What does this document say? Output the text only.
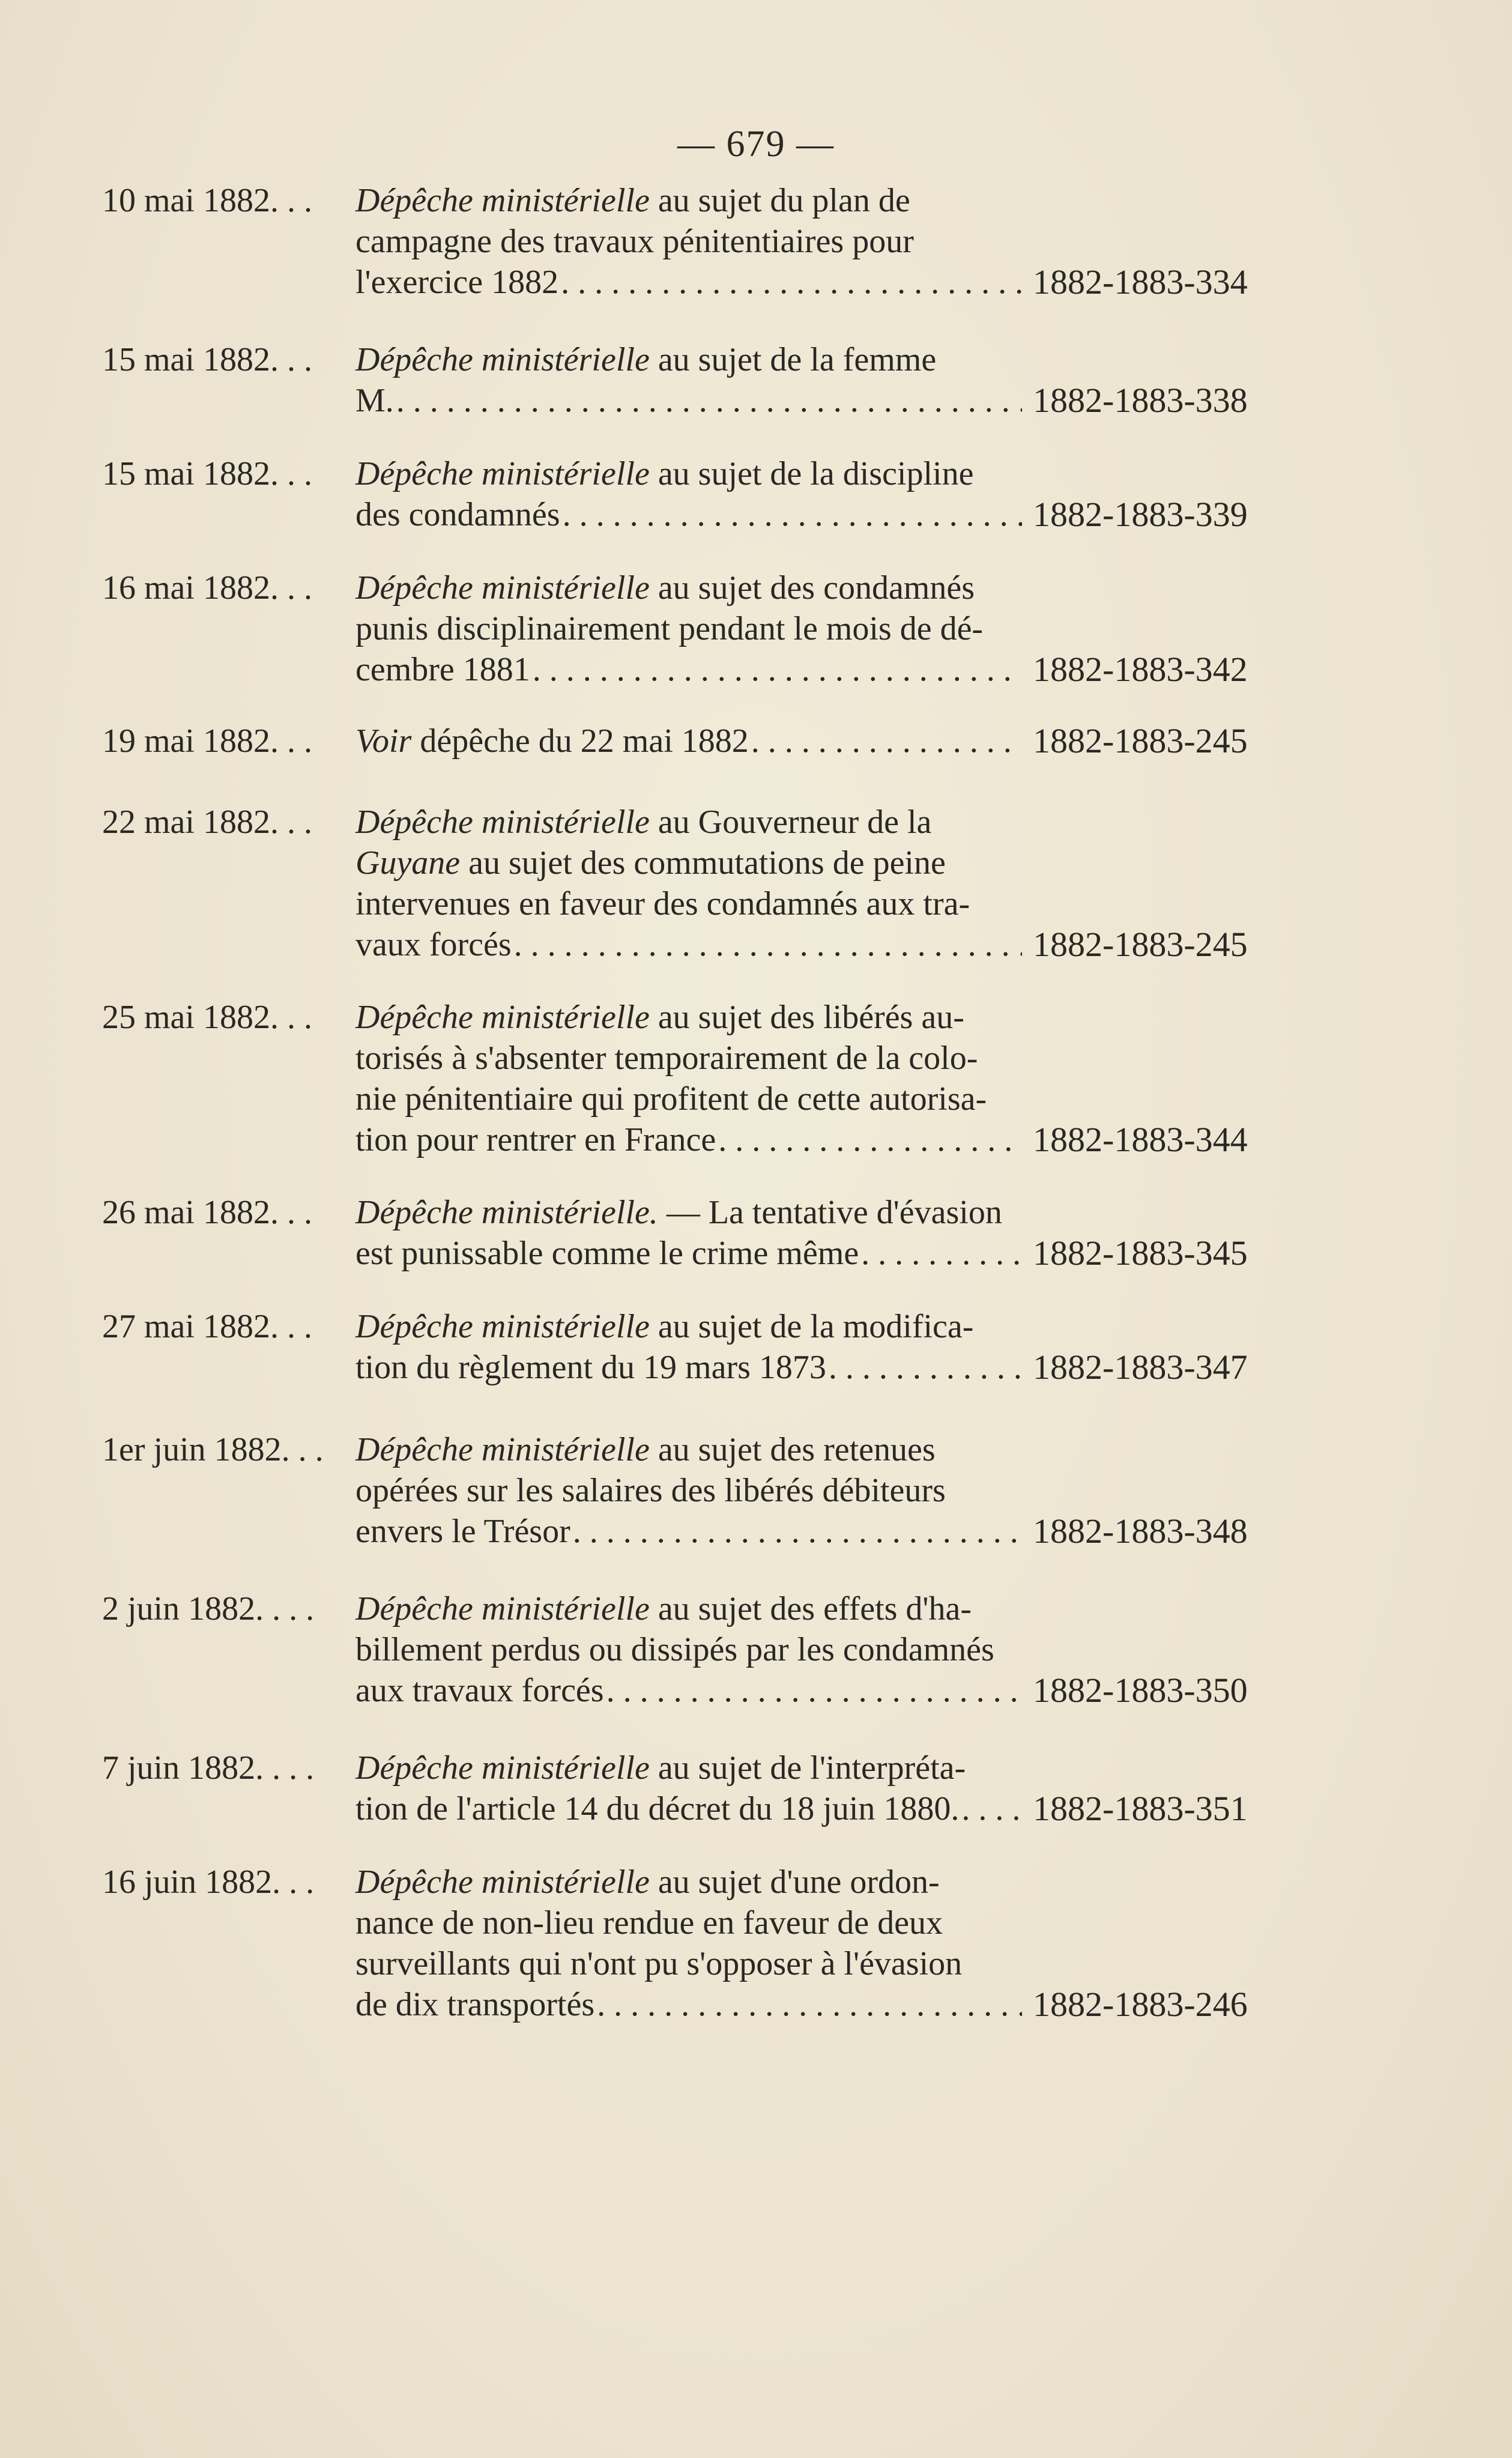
— 679 —
10 mai 1882. . .	Dépêche ministérielle au sujet du plan de
campagne des travaux pénitentiaires pour
l'exercice 1882 . . .	1882-1883-334
15 mai 1882. . .	Dépêche ministérielle au sujet de la femme
M. . . .	1882-1883-338
15 mai 1882. . .	Dépêche ministérielle au sujet de la discipline
des condamnés . . .	1882-1883-339
16 mai 1882. . .	Dépêche ministérielle au sujet des condamnés
punis disciplinairement pendant le mois de dé-
cembre 1881 . . .	1882-1883-342
19 mai 1882. . .	Voir dépêche du 22 mai 1882 . . .	1882-1883-245
22 mai 1882. . .	Dépêche ministérielle au Gouverneur de la
Guyane au sujet des commutations de peine
intervenues en faveur des condamnés aux tra-
vaux forcés . . .	1882-1883-245
25 mai 1882. . .	Dépêche ministérielle au sujet des libérés au-
torisés à s'absenter temporairement de la colo-
nie pénitentiaire qui profitent de cette autorisa-
tion pour rentrer en France . . .	1882-1883-344
26 mai 1882. . .	Dépêche ministérielle. — La tentative d'évasion
est punissable comme le crime même . . .	1882-1883-345
27 mai 1882. . .	Dépêche ministérielle au sujet de la modifica-
tion du règlement du 19 mars 1873 . . .	1882-1883-347
1er juin 1882. . . Dépêche ministérielle au sujet des retenues
opérées sur les salaires des libérés débiteurs
envers le Trésor . . .	1882-1883-348
2 juin 1882. . . .	Dépêche ministérielle au sujet des effets d'ha-
billement perdus ou dissipés par les condamnés
aux travaux forcés . . .	1882-1883-350
7 juin 1882. . . .	Dépêche ministérielle au sujet de l'interpréta-
tion de l'article 14 du décret du 18 juin 1880. . . . 1882-1883-351
16 juin 1882. . .	Dépêche ministérielle au sujet d'une ordon-
nance de non-lieu rendue en faveur de deux
surveillants qui n'ont pu s'opposer à l'évasion
de dix transportés . . .	1882-1883-246
